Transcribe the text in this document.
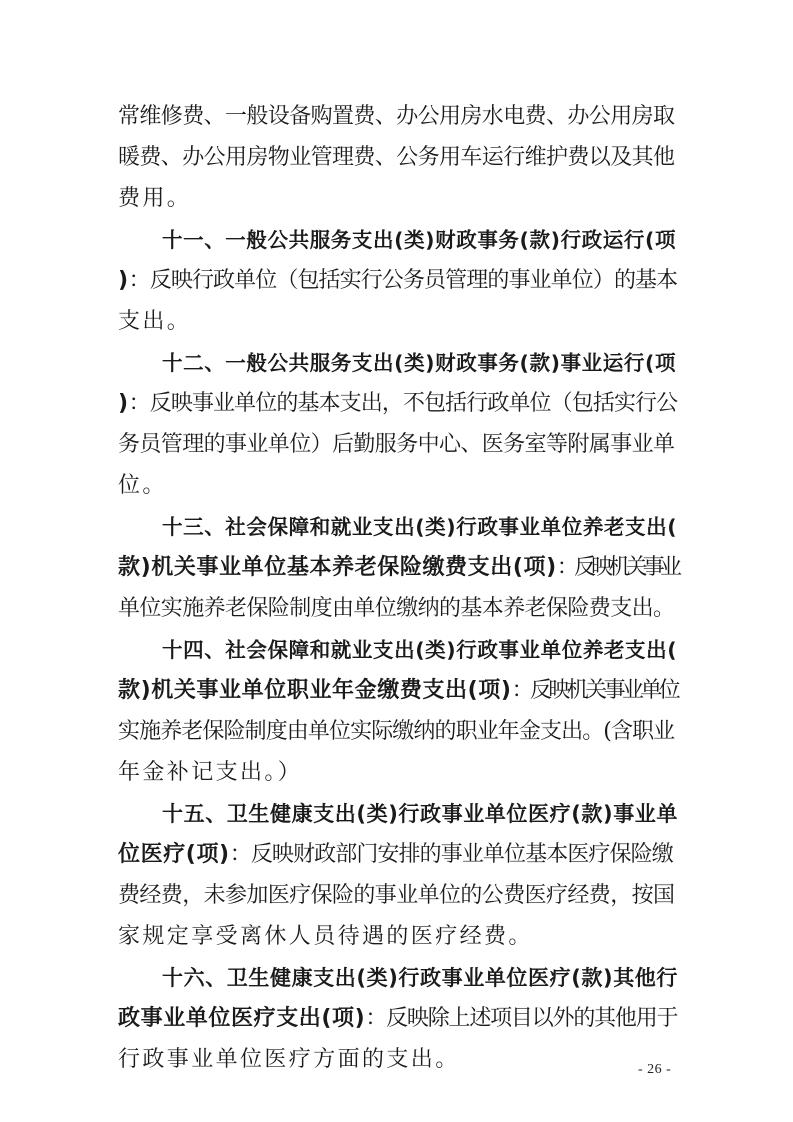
常维修费、一般设备购置费、办公用房水电费、办公用房取
暖费、办公用房物业管理费、公务用车运行维护费以及其他
费用。
十一、一般公共服务支出(类)财政事务(款)行政运行(项
)：反映行政单位（包括实行公务员管理的事业单位）的基本
支出。
十二、一般公共服务支出(类)财政事务(款)事业运行(项
)：反映事业单位的基本支出，不包括行政单位（包括实行公
务员管理的事业单位）后勤服务中心、医务室等附属事业单
位。
十三、社会保障和就业支出(类)行政事业单位养老支出(
款)机关事业单位基本养老保险缴费支出(项)：反映机关事业
单位实施养老保险制度由单位缴纳的基本养老保险费支出。
十四、社会保障和就业支出(类)行政事业单位养老支出(
款)机关事业单位职业年金缴费支出(项)：反映机关事业单位
实施养老保险制度由单位实际缴纳的职业年金支出。(含职业
年金补记支出。）
十五、卫生健康支出(类)行政事业单位医疗(款)事业单
位医疗(项)：反映财政部门安排的事业单位基本医疗保险缴
费经费，未参加医疗保险的事业单位的公费医疗经费，按国
家规定享受离休人员待遇的医疗经费。
十六、卫生健康支出(类)行政事业单位医疗(款)其他行
政事业单位医疗支出(项)：反映除上述项目以外的其他用于
行政事业单位医疗方面的支出。	- 26 -
